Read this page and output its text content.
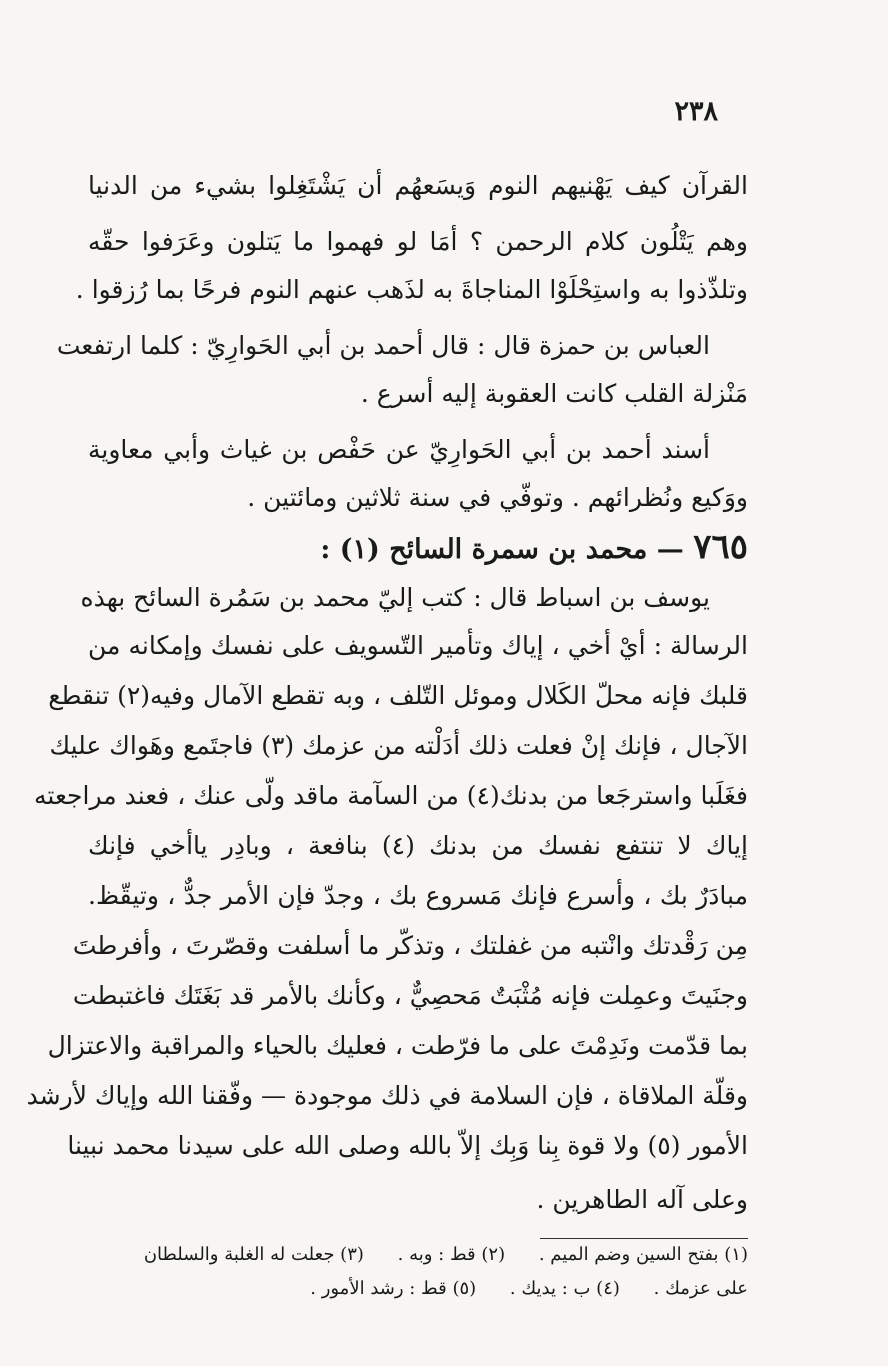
٢٣٨
القرآن كيف يَهْنيهم النوم وَيسَعهُم أن يَشْتَغِلوا بشيء من الدنيا
وهم يَتْلُون كلام الرحمن ؟ أمَا لو فهموا ما يَتلون وعَرَفوا حقّه
وتلذّذوا به واستِحْلَوْا المناجاةَ به لذَهب عنهم النوم فرحًا بما رُزقوا .
العباس بن حمزة قال : قال أحمد بن أبي الحَوارِيّ : كلما ارتفعت
مَنْزلة القلب كانت العقوبة إليه أسرع .
أسند أحمد بن أبي الحَوارِيّ عن حَفْص بن غياث وأبي معاوية
ووَكيع ونُظرائهم . وتوفّي في سنة ثلاثين ومائتين .
٧٦٥ — محمد بن سمرة السائح (١) :
يوسف بن اسباط قال : كتب إليّ محمد بن سَمُرة السائح بهذه
الرسالة : أيْ أخي ، إياك وتأمير التّسويف على نفسك وإمكانه من
قلبك فإنه محلّ الكَلال وموئل التّلف ، وبه تقطع الآمال وفيه(٢) تنقطع
الآجال ، فإنك إنْ فعلت ذلك أدَلْته من عزمك (٣) فاجتَمع وهَواك عليك
فغَلَبا واسترجَعا من بدنك(٤) من السآمة ماقد ولّى عنك ، فعند مراجعته
إياك لا تنتفع نفسك من بدنك (٤) بنافعة ، وبادِر ياأخي فإنك
مبادَرٌ بك ، وأسرع فإنك مَسروع بك ، وجدّ فإن الأمر جدٌّ ، وتيقّظ.
مِن رَقْدتك وانْتبه من غفلتك ، وتذكّر ما أسلفت وقصّرتَ ، وأفرطتَ
وجنَيتَ وعمِلت فإنه مُثْبَتٌ مَحصِيٌّ ، وكأنك بالأمر قد بَغَتَك فاغتبطت
بما قدّمت ونَدِمْتَ على ما فرّطت ، فعليك بالحياء والمراقبة والاعتزال
وقلّة الملاقاة ، فإن السلامة في ذلك موجودة — وفّقنا الله وإياك لأرشد
الأمور (٥) ولا قوة بِنا وَبِك إلاّ بالله وصلى الله على سيدنا محمد نبينا
وعلى آله الطاهرين .
(١) بفتح السين وضم الميم . (٢) قط : وبه . (٣) جعلت له الغلبة والسلطان
على عزمك . (٤) ب : يديك . (٥) قط : رشد الأمور .
